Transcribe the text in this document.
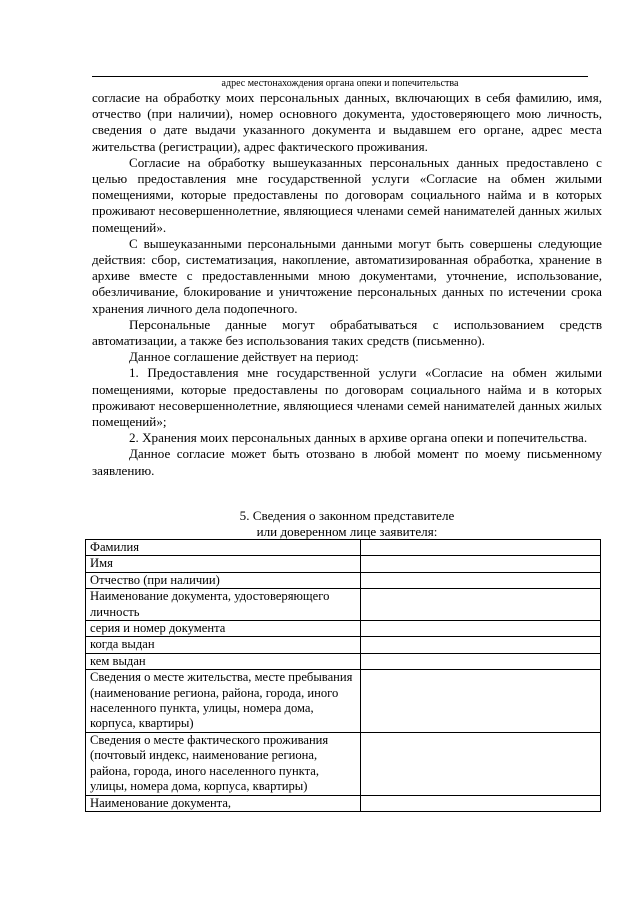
адрес местонахождения органа опеки и попечительства

согласие на обработку моих персональных данных, включающих в себя фамилию, имя, отчество (при наличии), номер основного документа, удостоверяющего мою личность, сведения о дате выдачи указанного документа и выдавшем его органе, адрес места жительства (регистрации), адрес фактического проживания.

Согласие на обработку вышеуказанных персональных данных предоставлено с целью предоставления мне государственной услуги «Согласие на обмен жилыми помещениями, которые предоставлены по договорам социального найма и в которых проживают несовершеннолетние, являющиеся членами семей нанимателей данных жилых помещений».

С вышеуказанными персональными данными могут быть совершены следующие действия: сбор, систематизация, накопление, автоматизированная обработка, хранение в архиве вместе с предоставленными мною документами, уточнение, использование, обезличивание, блокирование и уничтожение персональных данных по истечении срока хранения личного дела подопечного.

Персональные данные могут обрабатываться с использованием средств автоматизации, а также без использования таких средств (письменно).

Данное соглашение действует на период:

1. Предоставления мне государственной услуги «Согласие на обмен жилыми помещениями, которые предоставлены по договорам социального найма и в которых проживают несовершеннолетние, являющиеся членами семей нанимателей данных жилых помещений»;

2. Хранения моих персональных данных в архиве органа опеки и попечительства.

Данное согласие может быть отозвано в любой момент по моему письменному заявлению.

5. Сведения о законном представителе
или доверенном лице заявителя:
Фамилия	
Имя	
Отчество (при наличии)	
Наименование документа, удостоверяющего личность	
серия и номер документа	
когда выдан	
кем выдан	
Сведения о месте жительства, месте пребывания (наименование региона, района, города, иного населенного пункта, улицы, номера дома, корпуса, квартиры)	
Сведения о месте фактического проживания (почтовый индекс, наименование региона, района, города, иного населенного пункта, улицы, номера дома, корпуса, квартиры)	
Наименование документа,	
